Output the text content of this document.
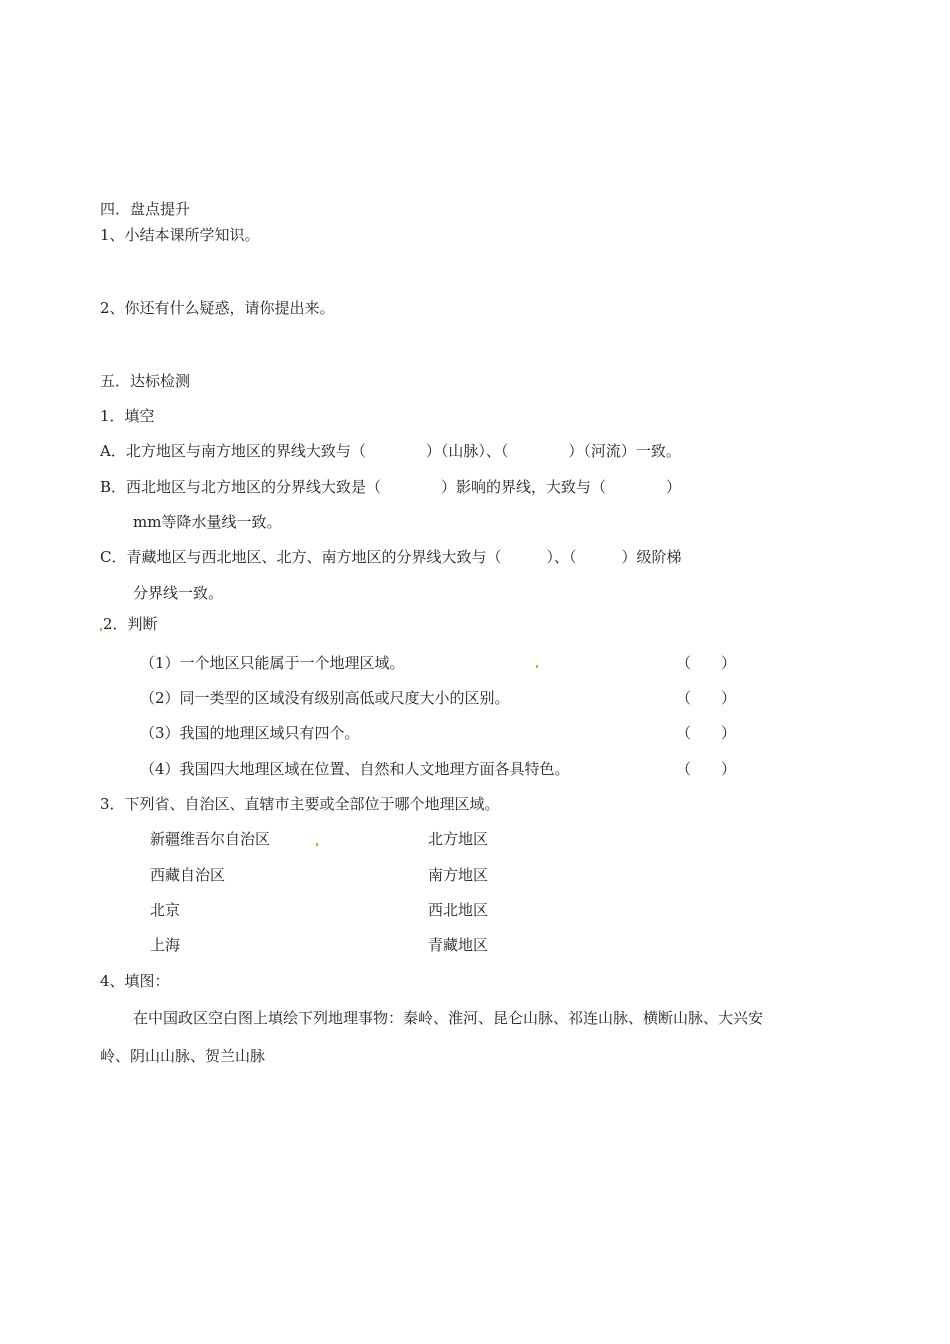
四．盘点提升
1、小结本课所学知识。
2、你还有什么疑惑，请你提出来。
五．达标检测
1．填空
A．北方地区与南方地区的界线大致与（　　　　）（山脉）、（　　　　）（河流）一致。
B．西北地区与北方地区的分界线大致是（　　　　）影响的界线，大致与（　　　　）
mm等降水量线一致。
C．青藏地区与西北地区、北方、南方地区的分界线大致与（　　　）、（　　　）级阶梯
分界线一致。
2．判断
（1）一个地区只能属于一个地理区域。	（　　）
（2）同一类型的区域没有级别高低或尺度大小的区别。	（　　）
（3）我国的地理区域只有四个。	（　　）
（4）我国四大地理区域在位置、自然和人文地理方面各具特色。	（　　）
3．下列省、自治区、直辖市主要或全部位于哪个地理区域。
新疆维吾尔自治区	北方地区
西藏自治区	南方地区
北京	西北地区
上海	青藏地区
4、填图：
在中国政区空白图上填绘下列地理事物：秦岭、淮河、昆仑山脉、祁连山脉、横断山脉、大兴安
岭、阴山山脉、贺兰山脉
